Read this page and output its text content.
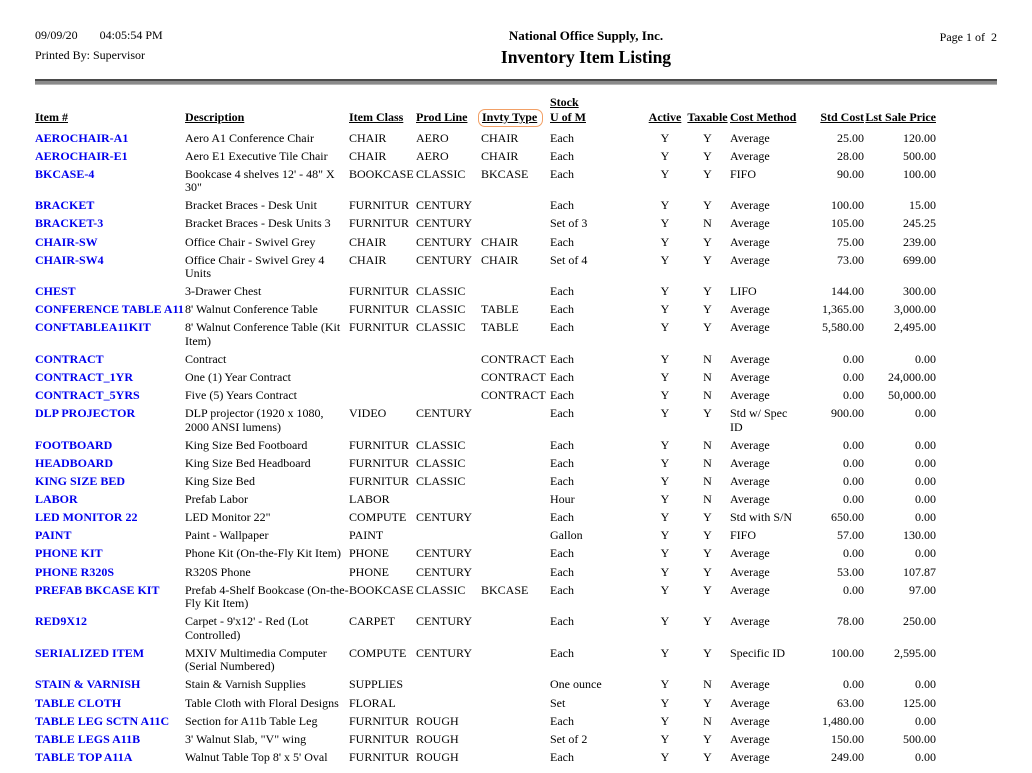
09/09/20 04:05:54 PM
Printed By: Supervisor
National Office Supply, Inc.
Inventory Item Listing
Page 1 of  2
Item #	Description	Item Class	Prod Line	Invty Type	Stock
U of M	Active	Taxable	Cost Method	Std Cost	Lst Sale Price
AEROCHAIR-A1	Aero A1 Conference Chair	CHAIR	AERO	CHAIR	Each	Y	Y	Average	25.00	120.00
AEROCHAIR-E1	Aero E1 Executive Tile Chair	CHAIR	AERO	CHAIR	Each	Y	Y	Average	28.00	500.00
BKCASE-4	Bookcase 4 shelves 12' - 48" X 30"	BOOKCASE	CLASSIC	BKCASE	Each	Y	Y	FIFO	90.00	100.00
BRACKET	Bracket Braces - Desk Unit	FURNITUR	CENTURY		Each	Y	Y	Average	100.00	15.00
BRACKET-3	Bracket Braces - Desk Units 3	FURNITUR	CENTURY		Set of 3	Y	N	Average	105.00	245.25
CHAIR-SW	Office Chair - Swivel Grey	CHAIR	CENTURY	CHAIR	Each	Y	Y	Average	75.00	239.00
CHAIR-SW4	Office Chair - Swivel Grey 4 Units	CHAIR	CENTURY	CHAIR	Set of 4	Y	Y	Average	73.00	699.00
CHEST	3-Drawer Chest	FURNITUR	CLASSIC		Each	Y	Y	LIFO	144.00	300.00
CONFERENCE TABLE A11	8' Walnut Conference Table	FURNITUR	CLASSIC	TABLE	Each	Y	Y	Average	1,365.00	3,000.00
CONFTABLEA11KIT	8' Walnut Conference Table (Kit Item)	FURNITUR	CLASSIC	TABLE	Each	Y	Y	Average	5,580.00	2,495.00
CONTRACT	Contract			CONTRACT	Each	Y	N	Average	0.00	0.00
CONTRACT_1YR	One (1) Year Contract			CONTRACT	Each	Y	N	Average	0.00	24,000.00
CONTRACT_5YRS	Five (5) Years Contract			CONTRACT	Each	Y	N	Average	0.00	50,000.00
DLP PROJECTOR	DLP projector (1920 x 1080, 2000 ANSI lumens)	VIDEO	CENTURY		Each	Y	Y	Std w/ Spec ID	900.00	0.00
FOOTBOARD	King Size Bed Footboard	FURNITUR	CLASSIC		Each	Y	N	Average	0.00	0.00
HEADBOARD	King Size Bed Headboard	FURNITUR	CLASSIC		Each	Y	N	Average	0.00	0.00
KING SIZE BED	King Size Bed	FURNITUR	CLASSIC		Each	Y	N	Average	0.00	0.00
LABOR	Prefab Labor	LABOR			Hour	Y	N	Average	0.00	0.00
LED MONITOR 22	LED Monitor 22"	COMPUTE	CENTURY		Each	Y	Y	Std with S/N	650.00	0.00
PAINT	Paint - Wallpaper	PAINT			Gallon	Y	Y	FIFO	57.00	130.00
PHONE KIT	Phone Kit (On-the-Fly Kit Item)	PHONE	CENTURY		Each	Y	Y	Average	0.00	0.00
PHONE R320S	R320S Phone	PHONE	CENTURY		Each	Y	Y	Average	53.00	107.87
PREFAB BKCASE KIT	Prefab 4-Shelf Bookcase (On-the-Fly Kit Item)	BOOKCASE	CLASSIC	BKCASE	Each	Y	Y	Average	0.00	97.00
RED9X12	Carpet - 9'x12' - Red (Lot Controlled)	CARPET	CENTURY		Each	Y	Y	Average	78.00	250.00
SERIALIZED ITEM	MXIV Multimedia Computer (Serial Numbered)	COMPUTE	CENTURY		Each	Y	Y	Specific ID	100.00	2,595.00
STAIN & VARNISH	Stain & Varnish Supplies	SUPPLIES			One ounce	Y	N	Average	0.00	0.00
TABLE CLOTH	Table Cloth with Floral Designs	FLORAL			Set	Y	Y	Average	63.00	125.00
TABLE LEG SCTN A11C	Section for A11b Table Leg	FURNITUR	ROUGH		Each	Y	N	Average	1,480.00	0.00
TABLE LEGS A11B	3' Walnut Slab, "V" wing	FURNITUR	ROUGH		Set of 2	Y	Y	Average	150.00	500.00
TABLE TOP A11A	Walnut Table Top 8' x 5' Oval	FURNITUR	ROUGH		Each	Y	Y	Average	249.00	0.00
